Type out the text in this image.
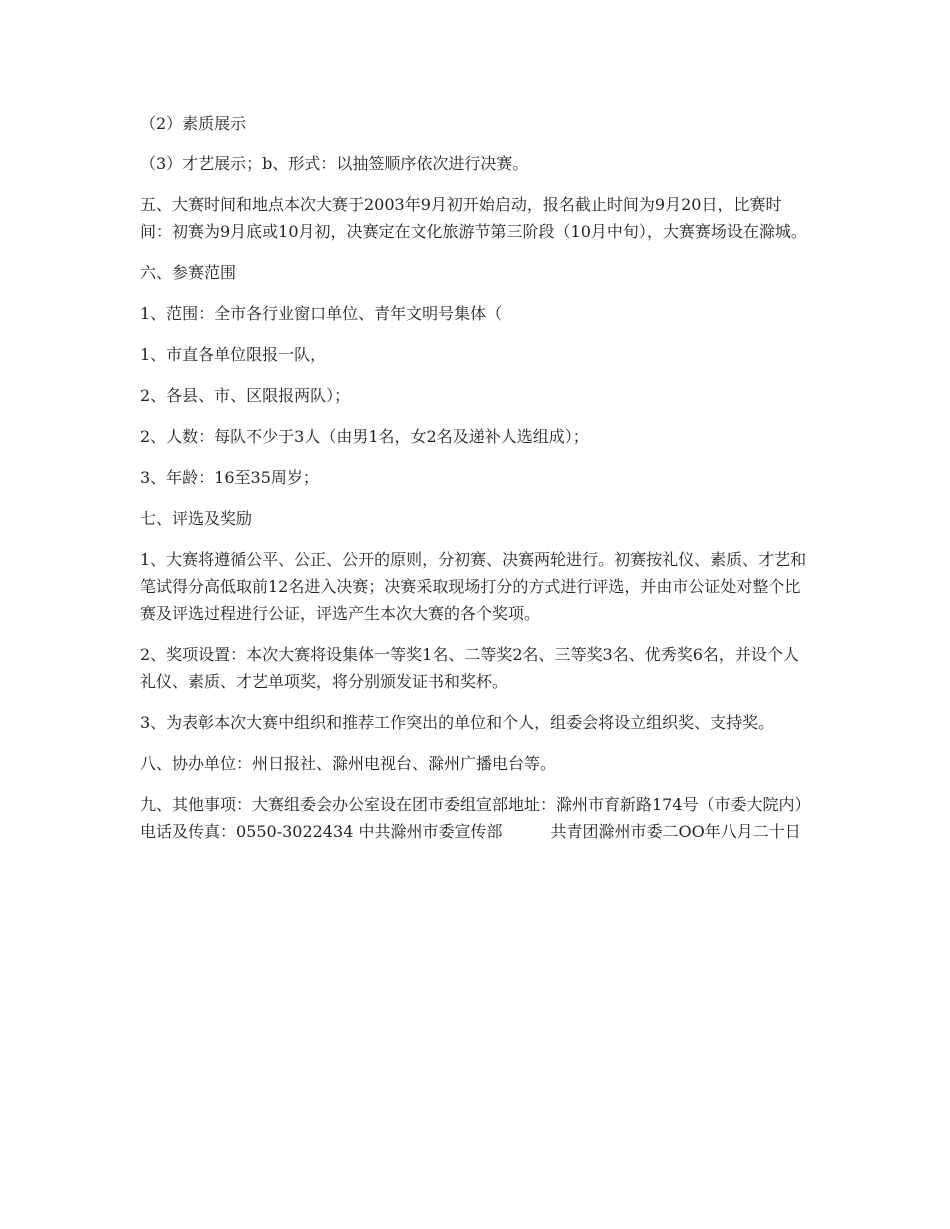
（2）素质展示

（3）才艺展示；b、形式：以抽签顺序依次进行决赛。

五、大赛时间和地点本次大赛于2003年9月初开始启动，报名截止时间为9月20日，比赛时间：初赛为9月底或10月初，决赛定在文化旅游节第三阶段（10月中旬），大赛赛场设在滁城。

六、参赛范围

1、范围：全市各行业窗口单位、青年文明号集体（

1、市直各单位限报一队，

2、各县、市、区限报两队）；

2、人数：每队不少于3人（由男1名，女2名及递补人选组成）；

3、年龄：16至35周岁；

七、评选及奖励

1、大赛将遵循公平、公正、公开的原则，分初赛、决赛两轮进行。初赛按礼仪、素质、才艺和笔试得分高低取前12名进入决赛；决赛采取现场打分的方式进行评选，并由市公证处对整个比赛及评选过程进行公证，评选产生本次大赛的各个奖项。

2、奖项设置：本次大赛将设集体一等奖1名、二等奖2名、三等奖3名、优秀奖6名，并设个人礼仪、素质、才艺单项奖，将分别颁发证书和奖杯。

3、为表彰本次大赛中组织和推荐工作突出的单位和个人，组委会将设立组织奖、支持奖。

八、协办单位：州日报社、滁州电视台、滁州广播电台等。

九、其他事项：大赛组委会办公室设在团市委组宣部地址：滁州市育新路174号（市委大院内）电话及传真：0550-3022434 中共滁州市委宣传部　　　共青团滁州市委二OO年八月二十日
